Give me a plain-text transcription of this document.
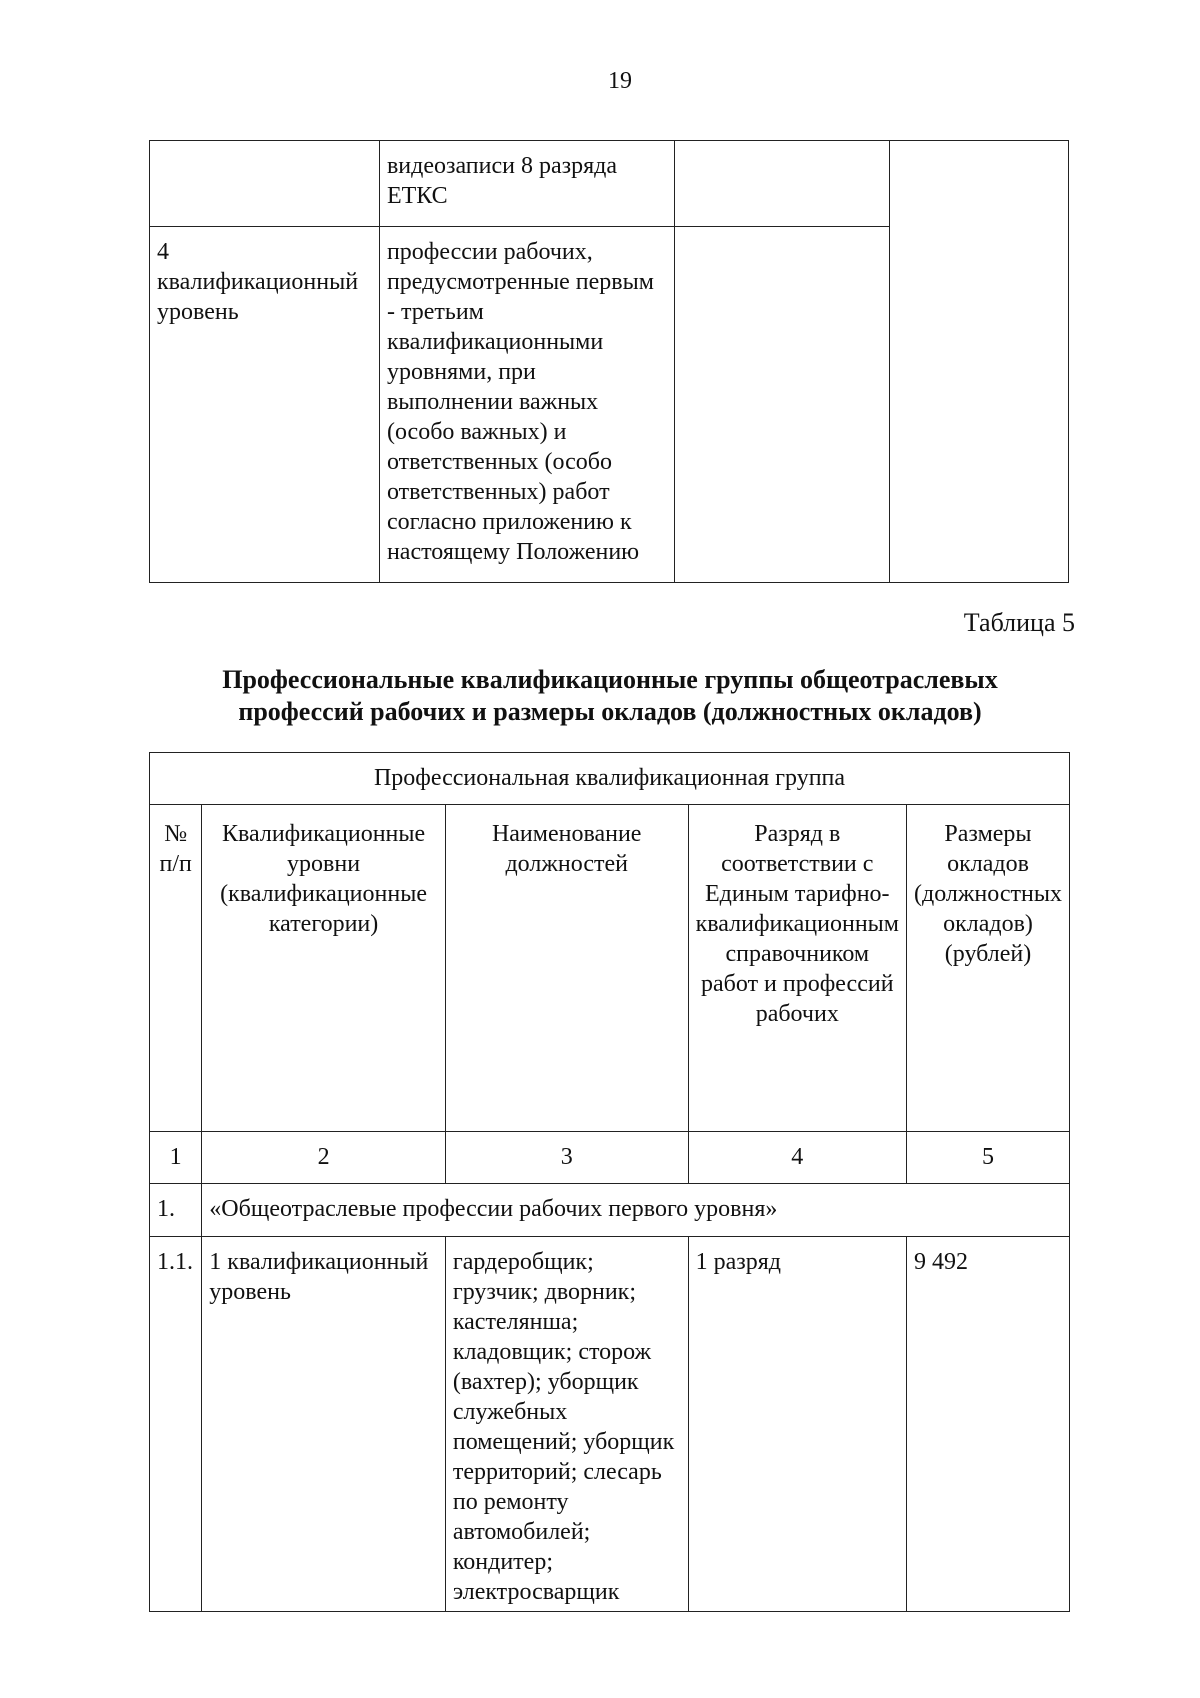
19
	видеозаписи 8 разряда ЕТКС		
4 квалификационный уровень	профессии рабочих, предусмотренные первым - третьим квалификационными уровнями, при выполнении важных (особо важных) и ответственных (особо ответственных) работ согласно приложению к настоящему Положению		
Таблица 5
Профессиональные квалификационные группы общеотраслевых
профессий рабочих и размеры окладов (должностных окладов)
Профессиональная квалификационная группа				
№ п/п	Квалификационные уровни (квалификационные категории)	Наименование должностей	Разряд в соответствии с Единым тарифно-квалификационным справочником работ и профессий рабочих	Размеры окладов (должностных окладов) (рублей)
1	2	3	4	5
1.	«Общеотраслевые профессии рабочих первого уровня»			
1.1.	1 квалификационный уровень	гардеробщик; грузчик; дворник; кастелянша; кладовщик; сторож (вахтер); уборщик служебных помещений; уборщик территорий; слесарь по ремонту автомобилей; кондитер; электросварщик	1 разряд	9 492
